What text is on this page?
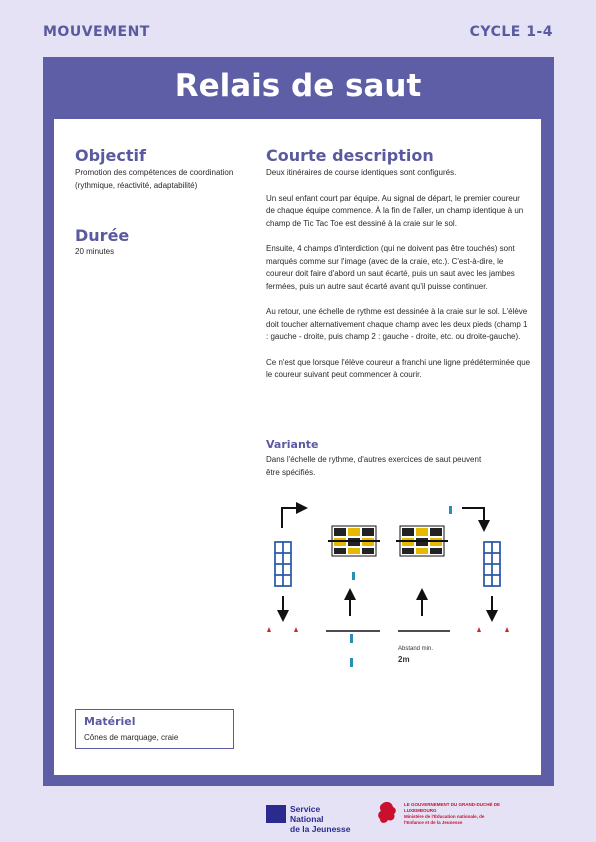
MOUVEMENT	CYCLE 1-4
Relais de saut
Objectif
Promotion des compétences de coordination (rythmique, réactivité, adaptabilité)
Durée
20 minutes
Courte description

Deux itinéraires de course identiques sont configurés.

Un seul enfant court par équipe. Au signal de départ, le premier coureur de chaque équipe commence. À la fin de l'aller, un champ identique à un champ de Tic Tac Toe est dessiné à la craie sur le sol.

Ensuite, 4 champs d'interdiction (qui ne doivent pas être touchés) sont marqués comme sur l'image (avec de la craie, etc.). C'est-à-dire, le coureur doit faire d'abord un saut écarté, puis un saut avec les jambes fermées, puis un autre saut écarté avant qu'il puisse continuer.

Au retour, une échelle de rythme est dessinée à la craie sur le sol. L'élève doit toucher alternativement chaque champ avec les deux pieds (champ 1 : gauche - droite, puis champ 2 : gauche - droite, etc. ou droite-gauche).

Ce n'est que lorsque l'élève coureur a franchi une ligne prédéterminée que le coureur suivant peut commencer à courir.

Variante
Dans l'échelle de rythme, d'autres exercices de saut peuvent être spécifiés.
Abstand min.
2m
Matériel
Cônes de marquage, craie
Service National
de la Jeunesse
LE GOUVERNEMENT DU GRAND-DUCHÉ DE LUXEMBOURG
Ministère de l'Éducation nationale, de l'Enfance et de la Jeunesse
